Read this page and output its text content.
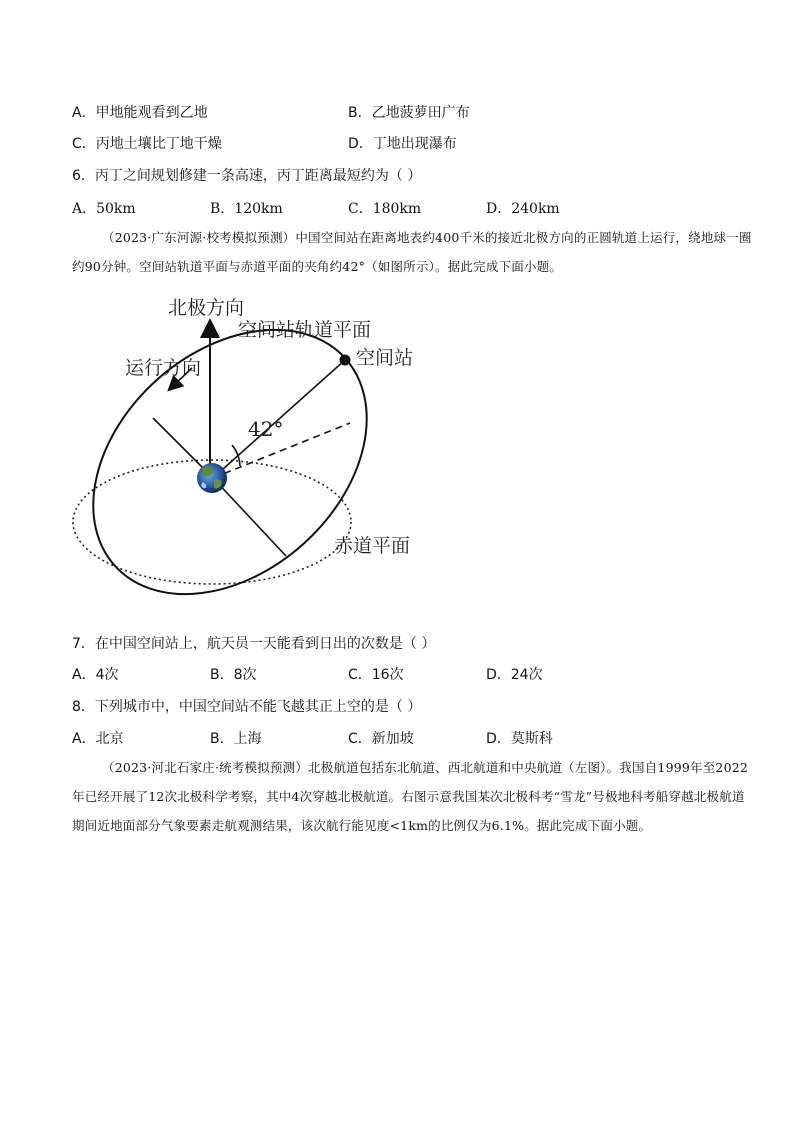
A．甲地能观看到乙地	B．乙地菠萝田广布
C．丙地土壤比丁地干燥	D．丁地出现瀑布
6．丙丁之间规划修建一条高速，丙丁距离最短约为（ ）
A．50km	B．120km	C．180km	D．240km
（2023·广东河源·校考模拟预测）中国空间站在距离地表约400千米的接近北极方向的正圆轨道上运行，绕地球一圈约90分钟。空间站轨道平面与赤道平面的夹角约42°（如图所示）。据此完成下面小题。
北极方向
空间站轨道平面
空间站
运行方向
42°
赤道平面
7．在中国空间站上，航天员一天能看到日出的次数是（ ）
A．4次	B．8次	C．16次	D．24次
8．下列城市中，中国空间站不能飞越其正上空的是（ ）
A．北京	B．上海	C．新加坡	D．莫斯科
（2023·河北石家庄·统考模拟预测）北极航道包括东北航道、西北航道和中央航道（左图）。我国自1999年至2022年已经开展了12次北极科学考察，其中4次穿越北极航道。右图示意我国某次北极科考“雪龙”号极地科考船穿越北极航道期间近地面部分气象要素走航观测结果，该次航行能见度<1km的比例仅为6.1%。据此完成下面小题。
